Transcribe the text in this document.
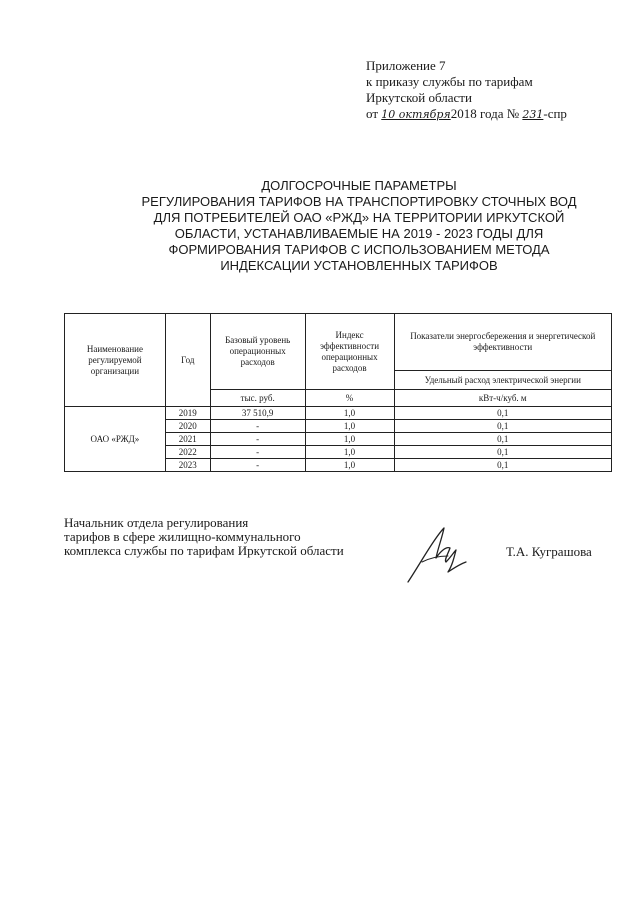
Приложение 7
к приказу службы по тарифам
Иркутской области
от 10 октября2018 года № 231-спр
ДОЛГОСРОЧНЫЕ ПАРАМЕТРЫ
РЕГУЛИРОВАНИЯ ТАРИФОВ НА ТРАНСПОРТИРОВКУ СТОЧНЫХ ВОД
ДЛЯ ПОТРЕБИТЕЛЕЙ ОАО «РЖД» НА ТЕРРИТОРИИ ИРКУТСКОЙ
ОБЛАСТИ, УСТАНАВЛИВАЕМЫЕ НА 2019 - 2023 ГОДЫ ДЛЯ
ФОРМИРОВАНИЯ ТАРИФОВ С ИСПОЛЬЗОВАНИЕМ МЕТОДА
ИНДЕКСАЦИИ УСТАНОВЛЕННЫХ ТАРИФОВ
Наименование регулируемой организации	Год	Базовый уровень операционных расходов	Индекс эффективности операционных расходов	Показатели энергосбережения и энергетической эффективности
				Удельный расход электрической энергии
		тыс. руб.	%	кВт-ч/куб. м
ОАО «РЖД»	2019	37 510,9	1,0	0,1
	2020	-	1,0	0,1
	2021	-	1,0	0,1
	2022	-	1,0	0,1
	2023	-	1,0	0,1
Начальник отдела регулирования
тарифов в сфере жилищно-коммунального
комплекса службы по тарифам Иркутской области	Т.А. Куграшова
